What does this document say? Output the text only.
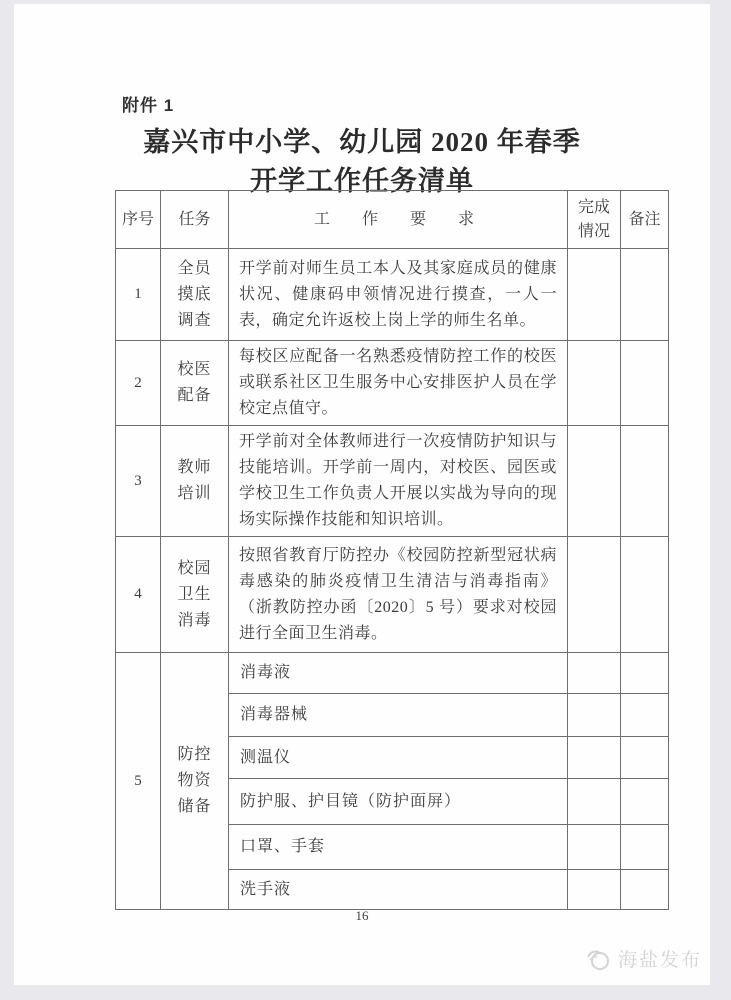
附件 1
嘉兴市中小学、幼儿园 2020 年春季
开学工作任务清单
序号	任务	工　作　要　求	完成情况	备注
1	全员摸底调查	开学前对师生员工本人及其家庭成员的健康状况、健康码申领情况进行摸查，一人一表，确定允许返校上岗上学的师生名单。		
2	校医配备	每校区应配备一名熟悉疫情防控工作的校医或联系社区卫生服务中心安排医护人员在学校定点值守。		
3	教师培训	开学前对全体教师进行一次疫情防护知识与技能培训。开学前一周内，对校医、园医或学校卫生工作负责人开展以实战为导向的现场实际操作技能和知识培训。		
4	校园卫生消毒	按照省教育厅防控办《校园防控新型冠状病毒感染的肺炎疫情卫生清洁与消毒指南》（浙教防控办函〔2020〕5 号）要求对校园进行全面卫生消毒。		
5	防控物资储备	消毒液		
		消毒器械		
		测温仪		
		防护服、护目镜（防护面屏）		
		口罩、手套		
		洗手液		
16
海盐发布
